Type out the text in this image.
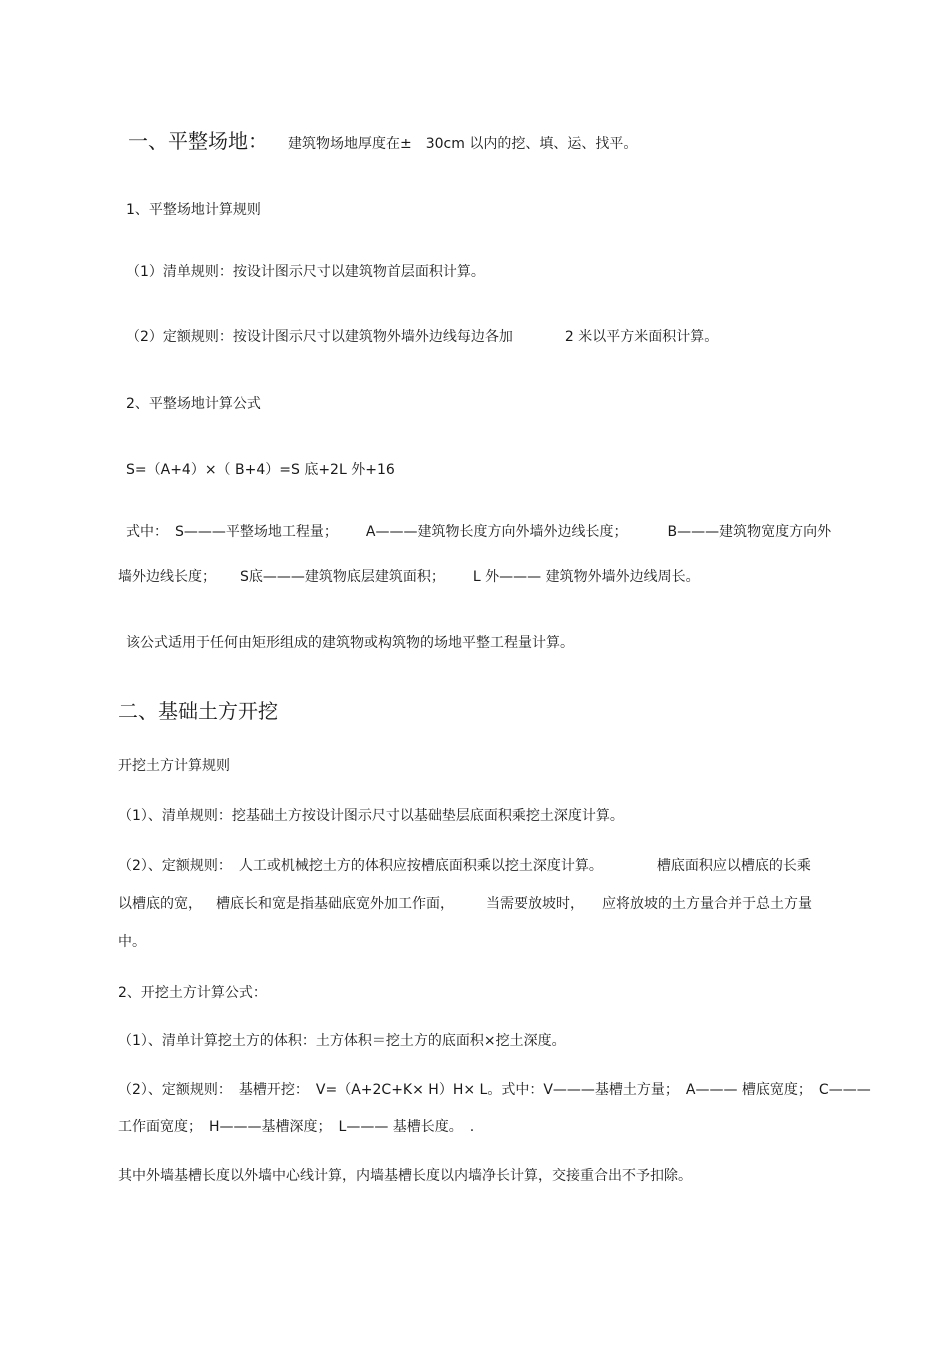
一、平整场地： 建筑物场地厚度在±　30cm 以内的挖、填、运、找平。
1、平整场地计算规则
（1）清单规则：按设计图示尺寸以建筑物首层面积计算。
（2）定额规则：按设计图示尺寸以建筑物外墙外边线每边各加	2 米以平方米面积计算。
2、平整场地计算公式
S=（A+4）×（ B+4）=S 底+2L 外+16
式中：　S———平整场地工程量； A———建筑物长度方向外墙外边线长度；	B———建筑物宽度方向外
墙外边线长度； S底———建筑物底层建筑面积； L 外——— 建筑物外墙外边线周长。
该公式适用于任何由矩形组成的建筑物或构筑物的场地平整工程量计算。
二、基础土方开挖
开挖土方计算规则
（1）、清单规则：挖基础土方按设计图示尺寸以基础垫层底面积乘挖土深度计算。
（2）、定额规则：　人工或机械挖土方的体积应按槽底面积乘以挖土深度计算。	槽底面积应以槽底的长乘
以槽底的宽， 槽底长和宽是指基础底宽外加工作面， 当需要放坡时， 应将放坡的土方量合并于总土方量
中。
2、开挖土方计算公式：
（1）、清单计算挖土方的体积：土方体积＝挖土方的底面积×挖土深度。
（2）、定额规则：　基槽开挖：　V=（A+2C+K× H）H× L。式中：V———基槽土方量；　A——— 槽底宽度；　C———
工作面宽度；　H———基槽深度；　L——— 基槽长度。　.
其中外墙基槽长度以外墙中心线计算，内墙基槽长度以内墙净长计算，交接重合出不予扣除。
